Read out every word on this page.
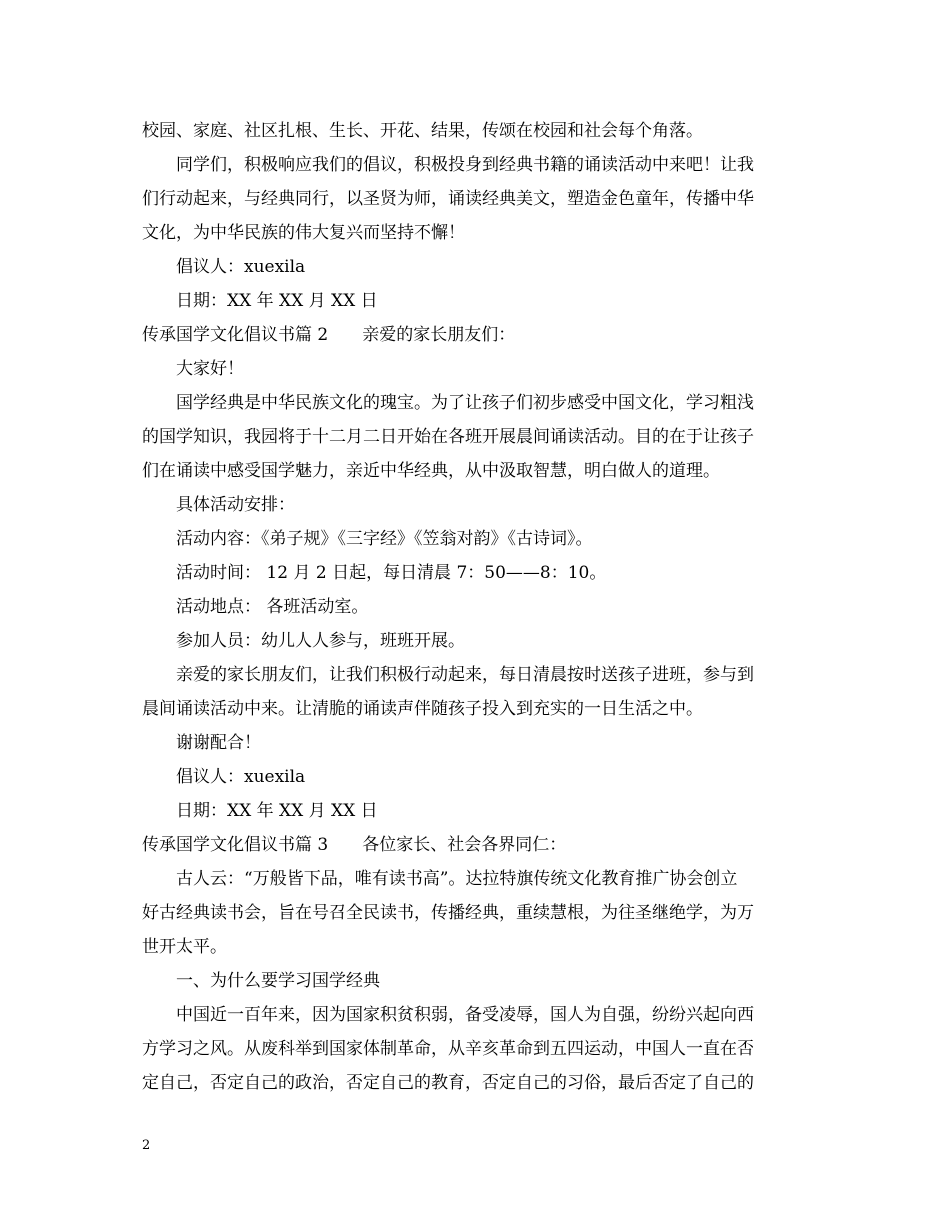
校园、家庭、社区扎根、生长、开花、结果，传颂在校园和社会每个角落。
同学们，积极响应我们的倡议，积极投身到经典书籍的诵读活动中来吧！让我
们行动起来，与经典同行，以圣贤为师，诵读经典美文，塑造金色童年，传播中华
文化，为中华民族的伟大复兴而坚持不懈！
倡议人：xuexila
日期：XX 年 XX 月 XX 日
传承国学文化倡议书篇 2 亲爱的家长朋友们：
大家好！
国学经典是中华民族文化的瑰宝。为了让孩子们初步感受中国文化，学习粗浅
的国学知识，我园将于十二月二日开始在各班开展晨间诵读活动。目的在于让孩子
们在诵读中感受国学魅力，亲近中华经典，从中汲取智慧，明白做人的道理。
具体活动安排：
活动内容：《弟子规》《三字经》《笠翁对韵》《古诗词》。
活动时间： 12 月 2 日起，每日清晨 7：50——8：10。
活动地点： 各班活动室。
参加人员：幼儿人人参与，班班开展。
亲爱的家长朋友们，让我们积极行动起来，每日清晨按时送孩子进班，参与到
晨间诵读活动中来。让清脆的诵读声伴随孩子投入到充实的一日生活之中。
谢谢配合！
倡议人：xuexila
日期：XX 年 XX 月 XX 日
传承国学文化倡议书篇 3 各位家长、社会各界同仁：
古人云：“万般皆下品，唯有读书高”。达拉特旗传统文化教育推广协会创立
好古经典读书会，旨在号召全民读书，传播经典，重续慧根，为往圣继绝学，为万
世开太平。
一、为什么要学习国学经典
中国近一百年来，因为国家积贫积弱，备受凌辱，国人为自强，纷纷兴起向西
方学习之风。从废科举到国家体制革命，从辛亥革命到五四运动，中国人一直在否
定自己，否定自己的政治，否定自己的教育，否定自己的习俗，最后否定了自己的
2
